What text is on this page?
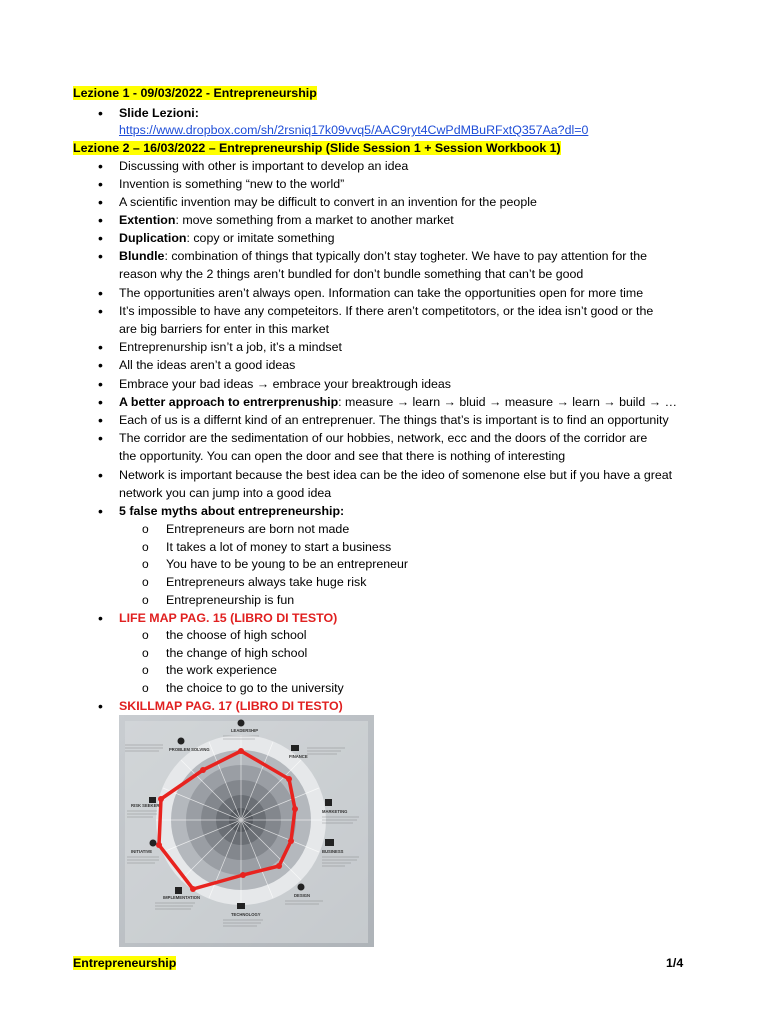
Lezione 1 - 09/03/2022 - Entrepreneurship
• Slide Lezioni:
https://www.dropbox.com/sh/2rsniq17k09vvq5/AAC9ryt4CwPdMBuRFxtQ357Aa?dl=0
Lezione 2 – 16/03/2022 – Entrepreneurship (Slide Session 1 + Session Workbook 1)
• Discussing with other is important to develop an idea
• Invention is something “new to the world”
• A scientific invention may be difficult to convert in an invention for the people
• Extention: move something from a market to another market
• Duplication: copy or imitate something
• Blundle: combination of things that typically don’t stay togheter. We have to pay attention for the
reason why the 2 things aren’t bundled for don’t bundle something that can’t be good
• The opportunities aren’t always open. Information can take the opportunities open for more time
• It’s impossible to have any competeitors. If there aren’t competitotors, or the idea isn’t good or the
are big barriers for enter in this market
• Entreprenurship isn’t a job, it’s a mindset
• All the ideas aren’t a good ideas
• Embrace your bad ideas → embrace your breaktrough ideas
• A better approach to entrerprenuship: measure → learn → bluid → measure → learn → build → …
• Each of us is a differnt kind of an entreprenuer. The things that’s is important is to find an opportunity
• The corridor are the sedimentation of our hobbies, network, ecc and the doors of the corridor are
the opportunity. You can open the door and see that there is nothing of interesting
• Network is important because the best idea can be the ideo of somenone else but if you have a great
network you can jump into a good idea
• 5 false myths about entrepreneurship:
o Entrepreneurs are born not made
o It takes a lot of money to start a business
o You have to be young to be an entrepreneur
o Entrepreneurs always take huge risk
o Entrepreneurship is fun
• LIFE MAP PAG. 15 (LIBRO DI TESTO)
o the choose of high school
o the change of high school
o the work experience
o the choice to go to the university
• SKILLMAP PAG. 17 (LIBRO DI TESTO)
LEADERSHIP
FINANCE
MARKETING
BUSINESS
DESIGN
TECHNOLOGY
IMPLEMENTATION
INITIATIVE
RISK SEEKER
PROBLEM SOLVING
Entrepreneurship	1/4
